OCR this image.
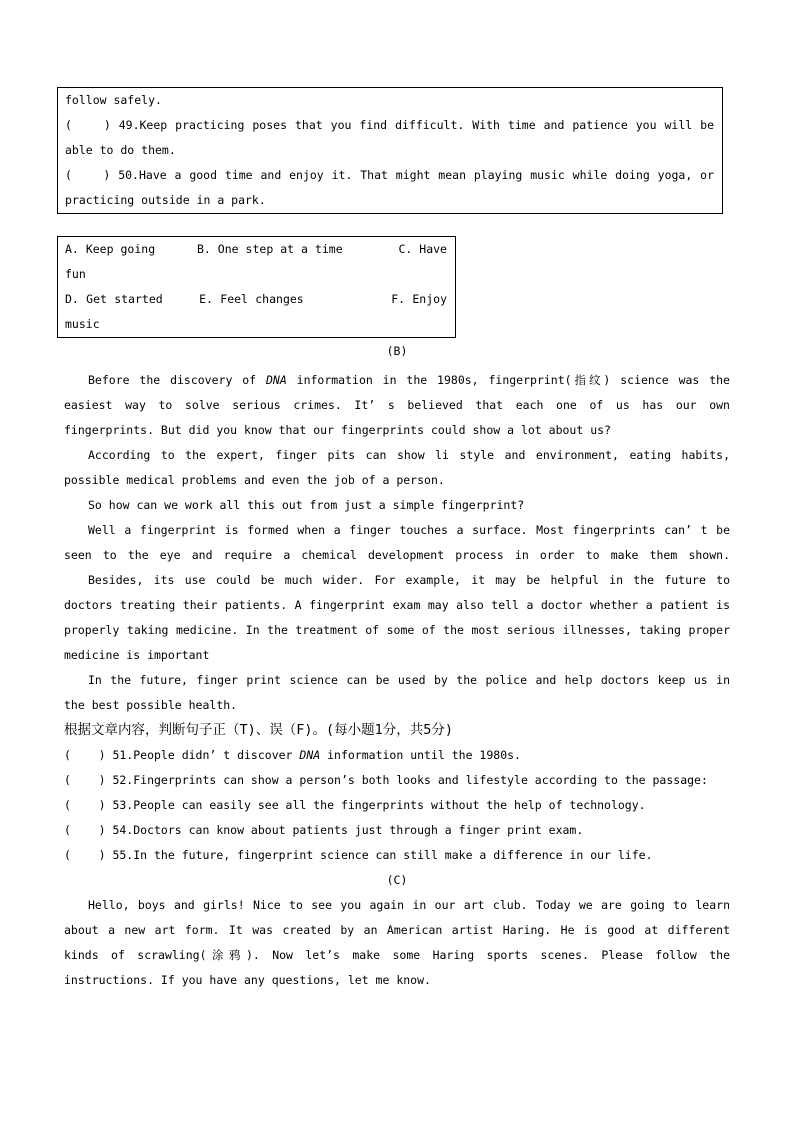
follow safely.
(    ) 49.Keep practicing poses that you find difficult. With time and patience you will be
able to do them.
(    ) 50.Have a good time and enjoy it. That might mean playing music while doing yoga, or
practicing outside in a park.
A. Keep going      B. One step at a time        C. Have
fun
D. Get started     E. Feel changes            F. Enjoy
music
(B)
Before the discovery of DNA information in the 1980s, fingerprint(指纹) science was the
easiest way to solve serious crimes. It’ s believed that each one of us has our own
fingerprints. But did you know that our fingerprints could show a lot about us?
According to the expert, finger pits can show li style and environment, eating habits,
possible medical problems and even the job of a person.
So how can we work all this out from just a simple fingerprint?
Well a fingerprint is formed when a finger touches a surface. Most fingerprints can’ t be
seen to the eye and require a chemical development process in order to make them shown.
Besides, its use could be much wider. For example, it may be helpful in the future to
doctors treating their patients. A fingerprint exam may also tell a doctor whether a patient is
properly taking medicine. In the treatment of some of the most serious illnesses, taking proper
medicine is important
In the future, finger print science can be used by the police and help doctors keep us in
the best possible health.
根据文章内容，判断句子正（T)、误（F)。(每小题1分，共5分)
(    ) 51.People didn’ t discover DNA information until the 1980s.
(    ) 52.Fingerprints can show a person’s both looks and lifestyle according to the passage:
(    ) 53.People can easily see all the fingerprints without the help of technology.
(    ) 54.Doctors can know about patients just through a finger print exam.
(    ) 55.In the future, fingerprint science can still make a difference in our life.
(C)
Hello, boys and girls! Nice to see you again in our art club. Today we are going to learn
about a new art form. It was created by an American artist Haring. He is good at different
kinds of scrawling(涂鸦). Now let’s make some Haring sports scenes. Please follow the
instructions. If you have any questions, let me know.
